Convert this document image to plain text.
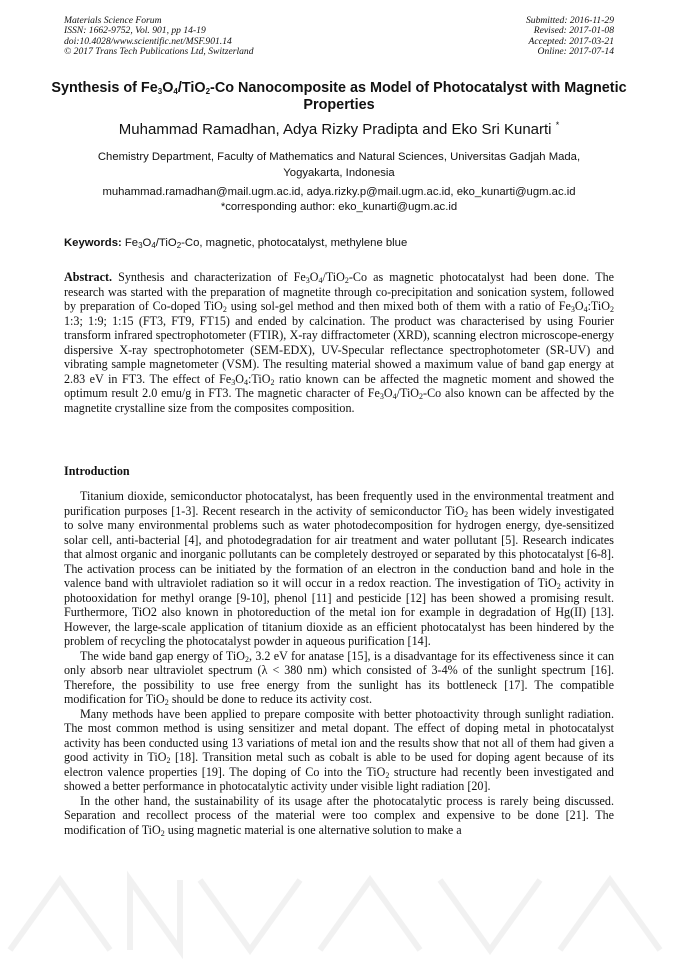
Materials Science Forum
ISSN: 1662-9752, Vol. 901, pp 14-19
doi:10.4028/www.scientific.net/MSF.901.14
© 2017 Trans Tech Publications Ltd, Switzerland
Submitted: 2016-11-29
Revised: 2017-01-08
Accepted: 2017-03-21
Online: 2017-07-14
Synthesis of $Fe_3O_4/TiO_2-Co$ Nanocomposite as Model of Photocatalyst with Magnetic Properties
Muhammad Ramadhan, Adya Rizky Pradipta and Eko Sri Kunarti *
Chemistry Department, Faculty of Mathematics and Natural Sciences, Universitas Gadjah Mada,
Yogyakarta, Indonesia
muhammad.ramadhan@mail.ugm.ac.id, adya.rizky.p@mail.ugm.ac.id, eko_kunarti@ugm.ac.id
*corresponding author: eko_kunarti@ugm.ac.id
Keywords: $Fe_3O_4/TiO_2-Co$, magnetic, photocatalyst, methylene blue

Abstract. Synthesis and characterization of $Fe_3O_4/TiO_2-Co$ as magnetic photocatalyst had been done. The research was started with the preparation of magnetite through co-precipitation and sonication system, followed by preparation of Co-doped TiO$_2$ using sol-gel method and then mixed both of them with a ratio of $Fe_3O_4:TiO_2$ 1:3; 1:9; 1:15 (FT3, FT9, FT15) and ended by calcination. The product was characterised by using Fourier transform infrared spectrophotometer (FTIR), X-ray diffractometer (XRD), scanning electron microscope-energy dispersive X-ray spectrophotometer (SEM-EDX), UV-Specular reflectance spectrophotometer (SR-UV) and vibrating sample magnetometer (VSM). The resulting material showed a maximum value of band gap energy at 2.83 eV in FT3. The effect of $Fe_3O_4:TiO_2$ ratio known can be affected the magnetic moment and showed the optimum result 2.0 emu/g in FT3. The magnetic character of $Fe_3O_4/TiO_2-Co$ also known can be affected by the magnetite crystalline size from the composites composition.

Introduction

Titanium dioxide, semiconductor photocatalyst, has been frequently used in the environmental treatment and purification purposes [1-3]. Recent research in the activity of semiconductor TiO$_2$ has been widely investigated to solve many environmental problems such as water photodecomposition for hydrogen energy, dye-sensitized solar cell, anti-bacterial [4], and photodegradation for air treatment and water pollutant [5]. Research indicates that almost organic and inorganic pollutants can be completely destroyed or separated by this photocatalyst [6-8]. The activation process can be initiated by the formation of an electron in the conduction band and hole in the valence band with ultraviolet radiation so it will occur in a redox reaction. The investigation of TiO$_2$ activity in photooxidation for methyl orange [9-10], phenol [11] and pesticide [12] has been showed a promising result. Furthermore, TiO2 also known in photoreduction of the metal ion for example in degradation of Hg(II) [13]. However, the large-scale application of titanium dioxide as an efficient photocatalyst has been hindered by the problem of recycling the photocatalyst powder in aqueous purification [14].

The wide band gap energy of TiO$_2$, 3.2 eV for anatase [15], is a disadvantage for its effectiveness since it can only absorb near ultraviolet spectrum (λ < 380 nm) which consisted of 3-4% of the sunlight spectrum [16]. Therefore, the possibility to use free energy from the sunlight has its bottleneck [17]. The compatible modification for TiO$_2$ should be done to reduce its activity cost.

Many methods have been applied to prepare composite with better photoactivity through sunlight radiation. The most common method is using sensitizer and metal dopant. The effect of doping metal in photocatalyst activity has been conducted using 13 variations of metal ion and the results show that not all of them had given a good activity in TiO$_2$ [18]. Transition metal such as cobalt is able to be used for doping agent because of its electron valence properties [19]. The doping of Co into the TiO$_2$ structure had recently been investigated and showed a better performance in photocatalytic activity under visible light radiation [20].

In the other hand, the sustainability of its usage after the photocatalytic process is rarely being discussed. Separation and recollect process of the material were too complex and expensive to be done [21]. The modification of TiO$_2$ using magnetic material is one alternative solution to make a
